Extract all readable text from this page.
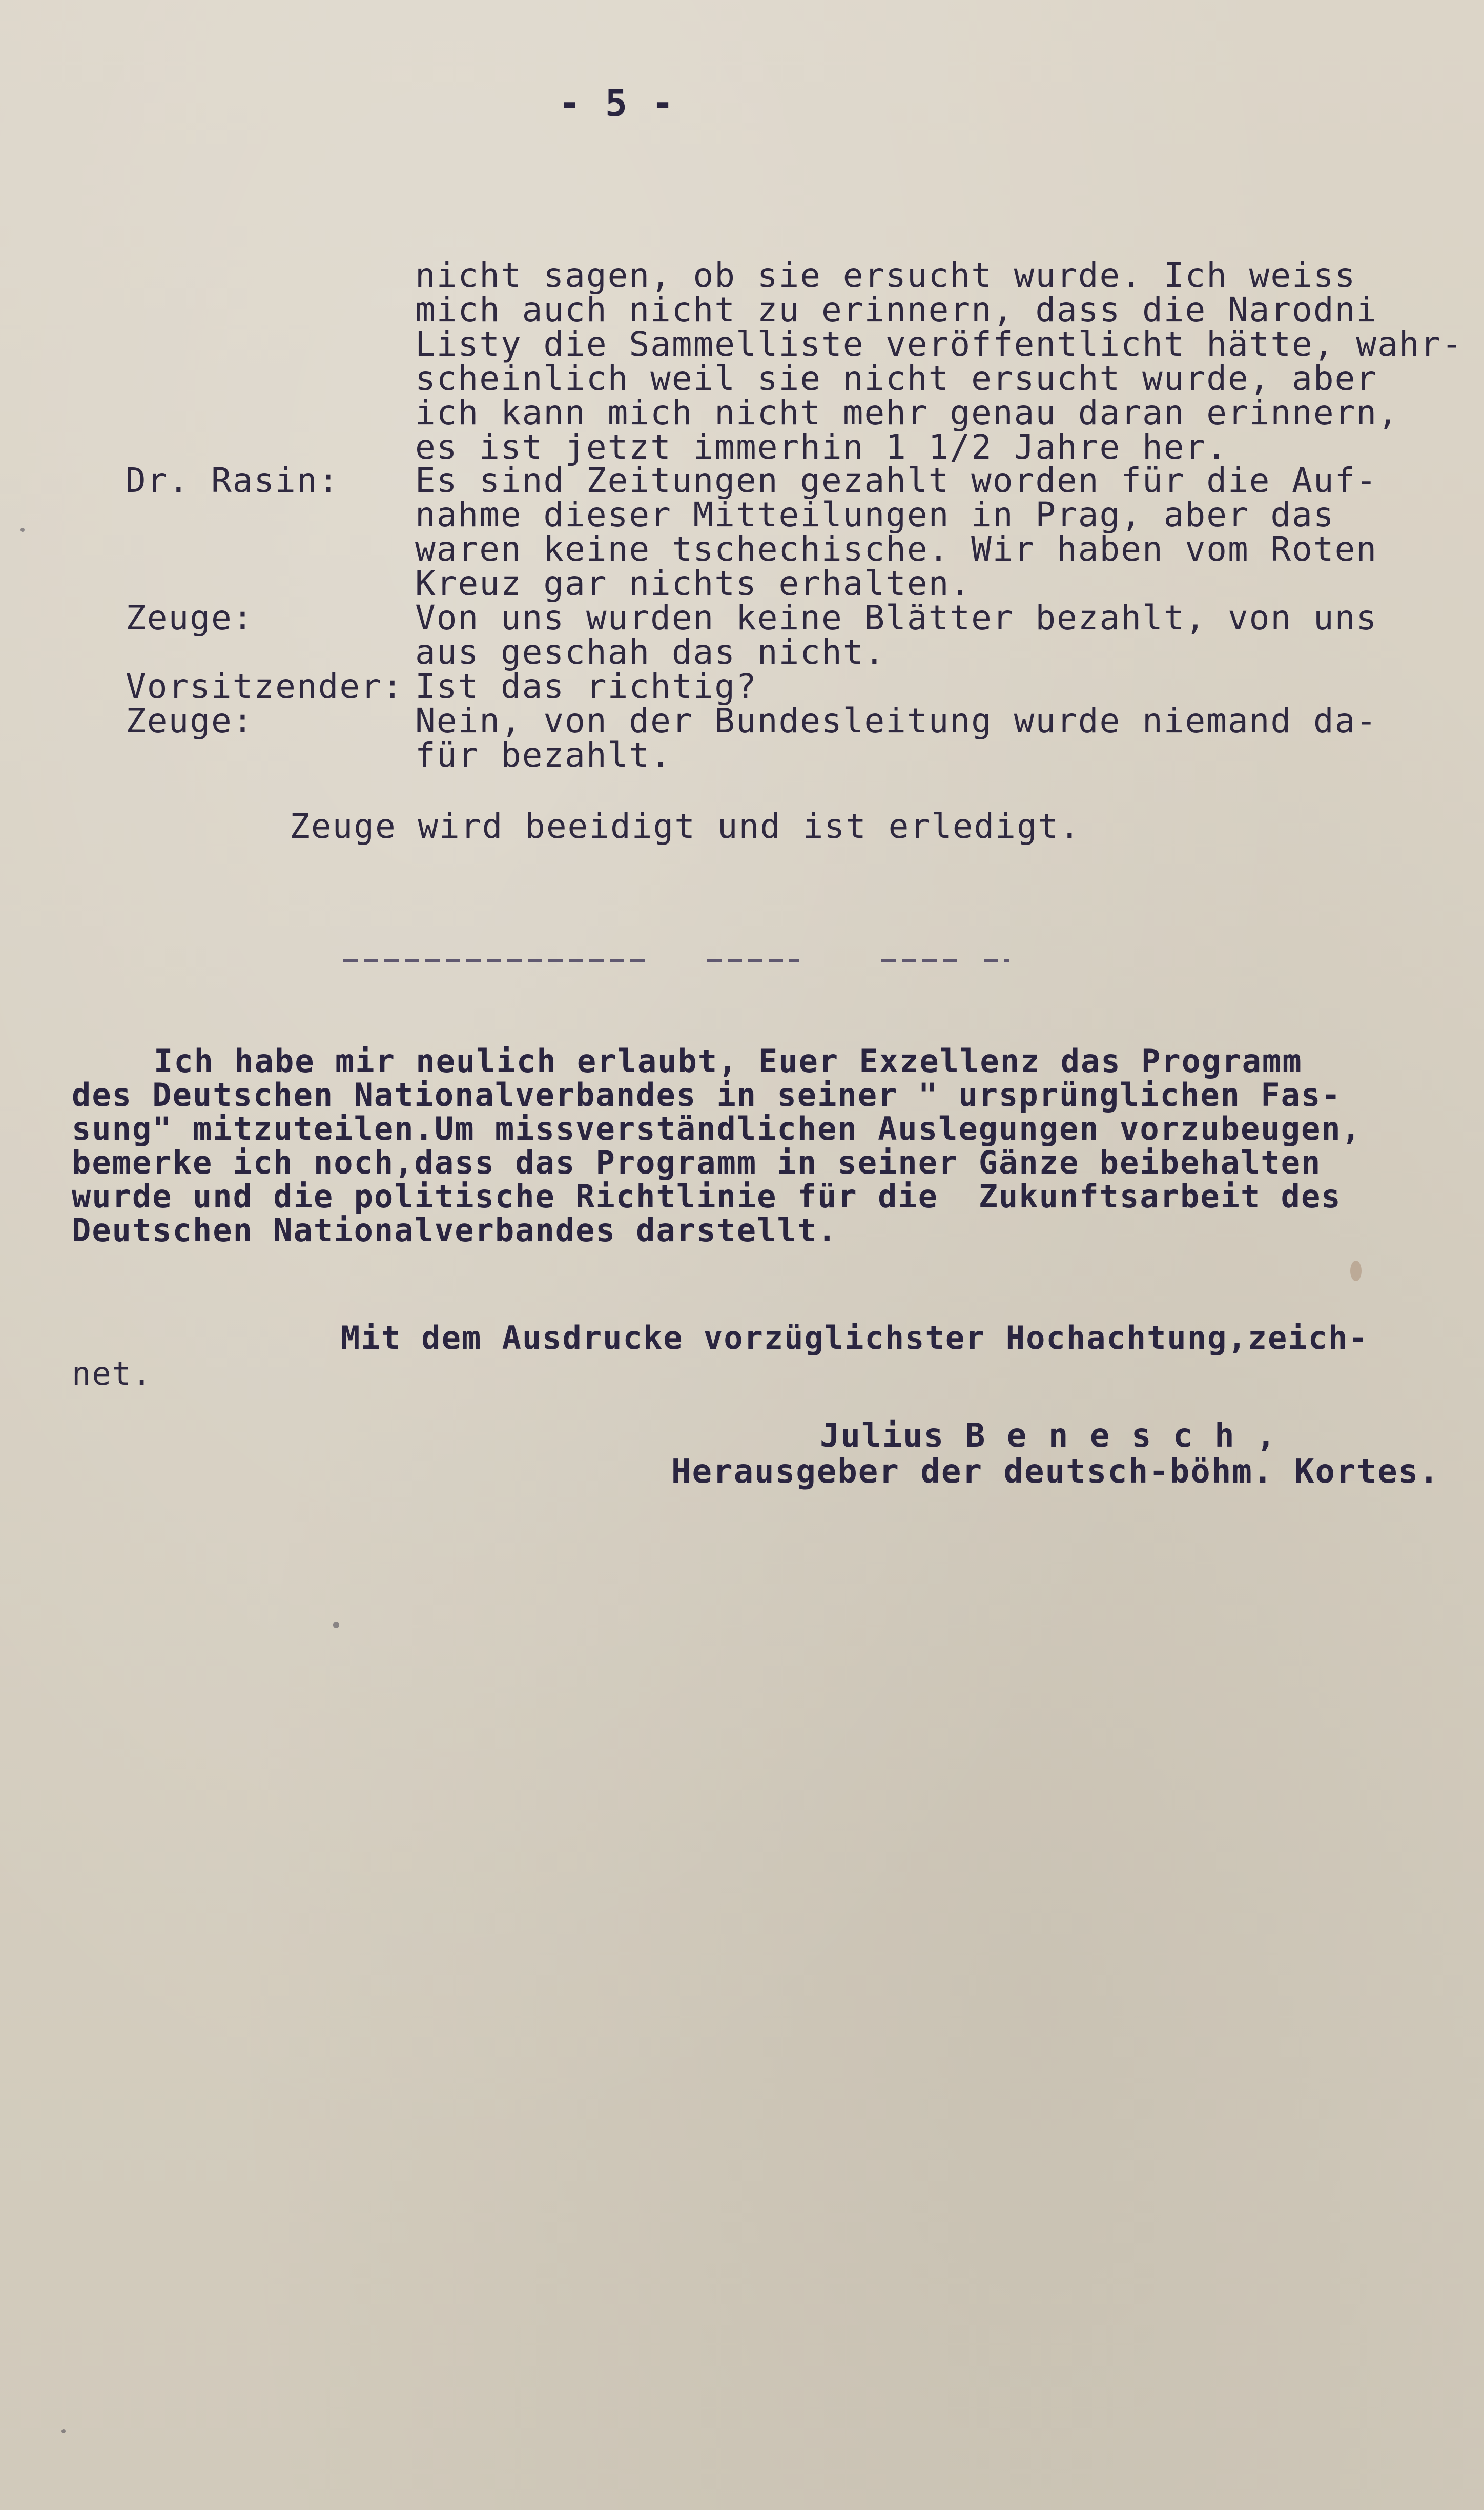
- 5 -
nicht sagen, ob sie ersucht wurde. Ich weiss
mich auch nicht zu erinnern, dass die Narodni
Listy die Sammelliste veröffentlicht hätte, wahr-
scheinlich weil sie nicht ersucht wurde, aber
ich kann mich nicht mehr genau daran erinnern,
es ist jetzt immerhin 1 1/2 Jahre her.
Dr. Rasin: Es sind Zeitungen gezahlt worden für die Auf-
nahme dieser Mitteilungen in Prag, aber das
waren keine tschechische. Wir haben vom Roten
Kreuz gar nichts erhalten.
Zeuge:	Von uns wurden keine Blätter bezahlt, von uns
aus geschah das nicht.
Vorsitzender: Ist das richtig?
Zeuge:	Nein, von der Bundesleitung wurde niemand da-
für bezahlt.
Zeuge wird beeidigt und ist erledigt.
Ich habe mir neulich erlaubt, Euer Exzellenz das Programm
des Deutschen Nationalverbandes in seiner " ursprünglichen Fas-
sung" mitzuteilen.Um missverständlichen Auslegungen vorzubeugen,
bemerke ich noch,dass das Programm in seiner Gänze beibehalten
wurde und die politische Richtlinie für die  Zukunftsarbeit des
Deutschen Nationalverbandes darstellt.
Mit dem Ausdrucke vorzüglichster Hochachtung,zeich-
net.
Julius B e n e s c h ,
Herausgeber der deutsch-böhm. Kortes.
